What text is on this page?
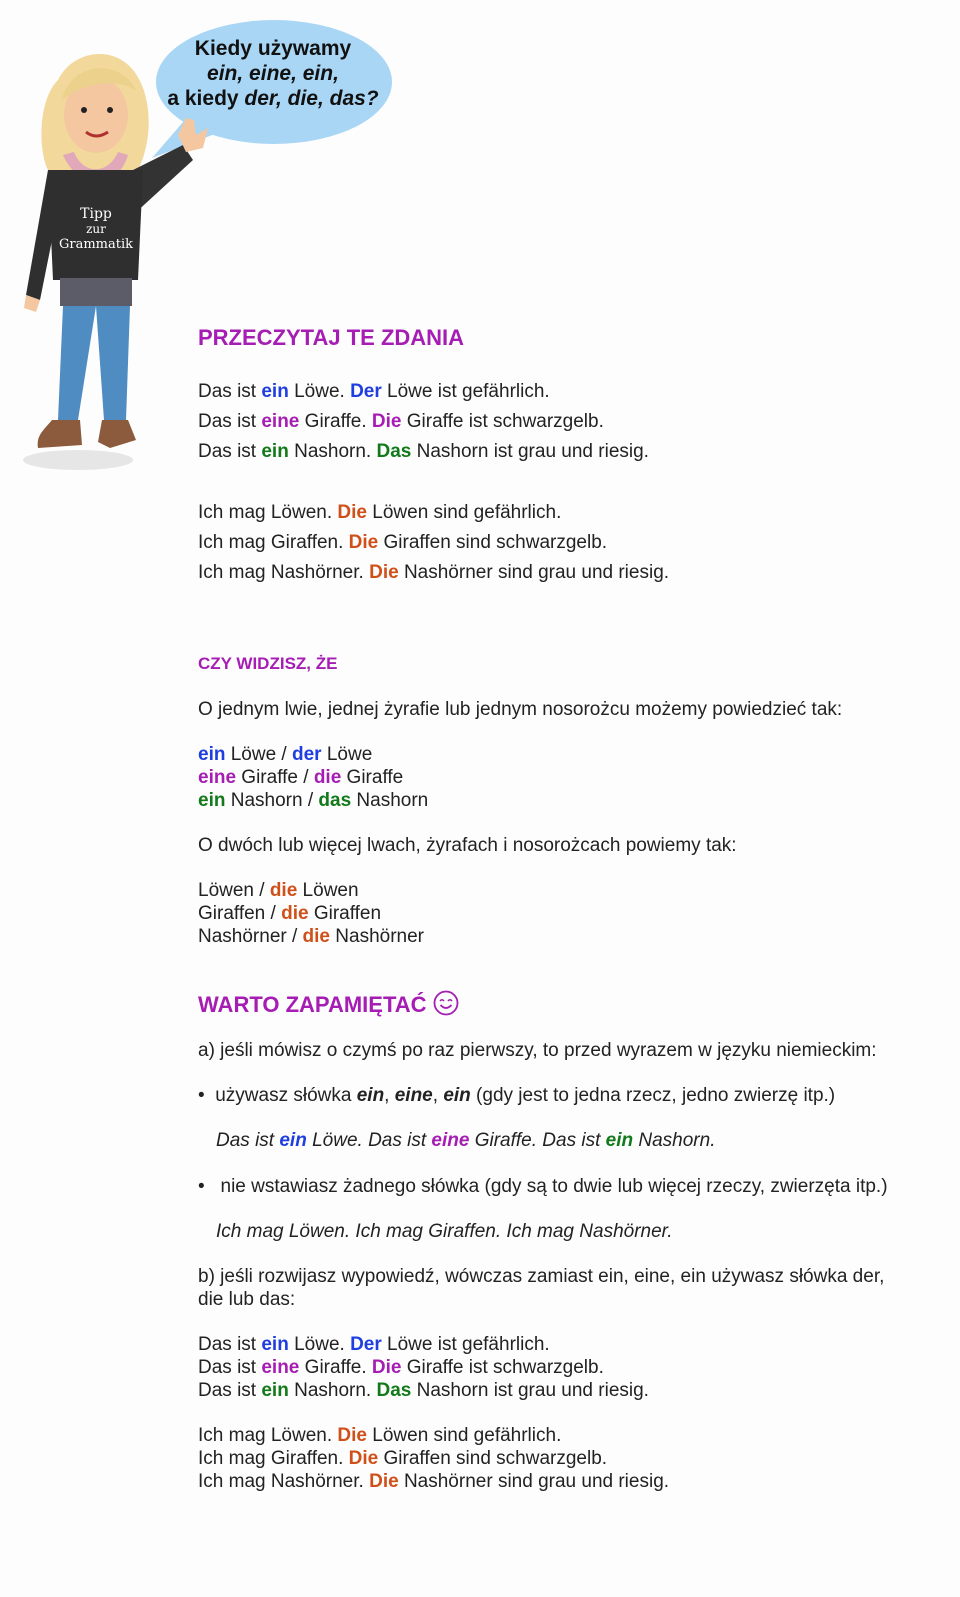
Kiedy używamy
ein, eine, ein,
a kiedy der, die, das?
Tipp
zur
Grammatik
PRZECZYTAJ TE ZDANIA
Das ist ein Löwe. Der Löwe ist gefährlich.
Das ist eine Giraffe. Die Giraffe ist schwarzgelb.
Das ist ein Nashorn. Das Nashorn ist grau und riesig.
Ich mag Löwen. Die Löwen sind gefährlich.
Ich mag Giraffen. Die Giraffen sind schwarzgelb.
Ich mag Nashörner. Die Nashörner sind grau und riesig.
CZY WIDZISZ, ŻE
O jednym lwie, jednej żyrafie lub jednym nosorożcu możemy powiedzieć tak:
ein Löwe / der Löwe
eine Giraffe / die Giraffe
ein Nashorn / das Nashorn
O dwóch lub więcej lwach, żyrafach i nosorożcach powiemy tak:
Löwen / die Löwen
Giraffen / die Giraffen
Nashörner / die Nashörner
WARTO ZAPAMIĘTAĆ
a) jeśli mówisz o czymś po raz pierwszy, to przed wyrazem w języku niemieckim:
• używasz słówka ein, eine, ein (gdy jest to jedna rzecz, jedno zwierzę itp.)
Das ist ein Löwe. Das ist eine Giraffe. Das ist ein Nashorn.
• nie wstawiasz żadnego słówka (gdy są to dwie lub więcej rzeczy, zwierzęta itp.)
Ich mag Löwen. Ich mag Giraffen. Ich mag Nashörner.
b) jeśli rozwijasz wypowiedź, wówczas zamiast ein, eine, ein używasz słówka der,
die lub das:
Das ist ein Löwe. Der Löwe ist gefährlich.
Das ist eine Giraffe. Die Giraffe ist schwarzgelb.
Das ist ein Nashorn. Das Nashorn ist grau und riesig.
Ich mag Löwen. Die Löwen sind gefährlich.
Ich mag Giraffen. Die Giraffen sind schwarzgelb.
Ich mag Nashörner. Die Nashörner sind grau und riesig.
